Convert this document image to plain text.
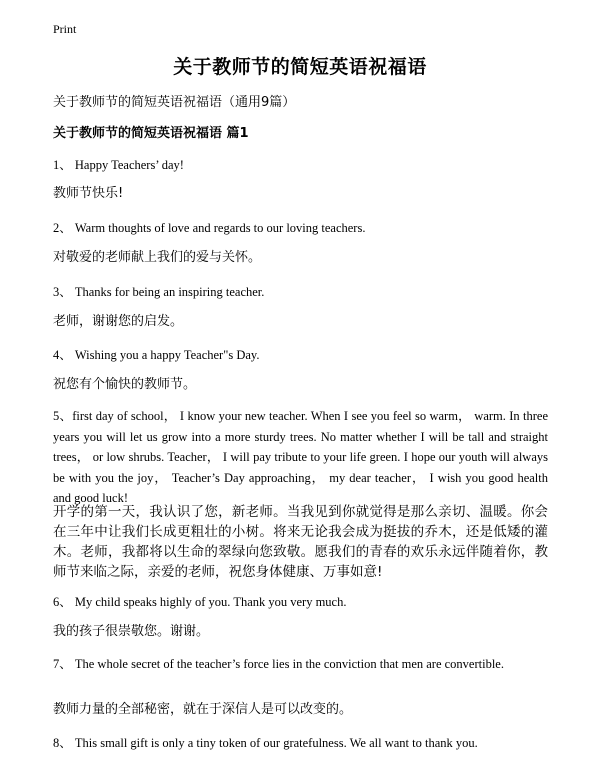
Print
关于教师节的简短英语祝福语

关于教师节的简短英语祝福语（通用9篇）

关于教师节的简短英语祝福语 篇1

1、 Happy Teachers’ day!

教师节快乐!

2、 Warm thoughts of love and regards to our loving teachers.

对敬爱的老师献上我们的爱与关怀。

3、 Thanks for being an inspiring teacher.

老师，谢谢您的启发。

4、 Wishing you a happy Teacher"s Day.

祝您有个愉快的教师节。

5、first day of school， I know your new teacher. When I see you feel so warm， warm. In three years you will let us grow into a more sturdy trees. No matter whether I will be tall and straight trees， or low shrubs. Teacher， I will pay tribute to your life green. I hope our youth will always be with you the joy， Teacher’s Day approaching， my dear teacher， I wish you good health and good luck!

开学的第一天，我认识了您，新老师。当我见到你就觉得是那么亲切、温暖。你会在三年中让我们长成更粗壮的小树。将来无论我会成为挺拔的乔木，还是低矮的灌木。老师，我都将以生命的翠绿向您致敬。愿我们的青春的欢乐永远伴随着你，教师节来临之际，亲爱的老师，祝您身体健康、万事如意!

6、 My child speaks highly of you. Thank you very much.

我的孩子很崇敬您。谢谢。

7、 The whole secret of the teacher’s force lies in the conviction that men are convertible.

教师力量的全部秘密，就在于深信人是可以改变的。

8、 This small gift is only a tiny token of our gratefulness. We all want to thank you.
